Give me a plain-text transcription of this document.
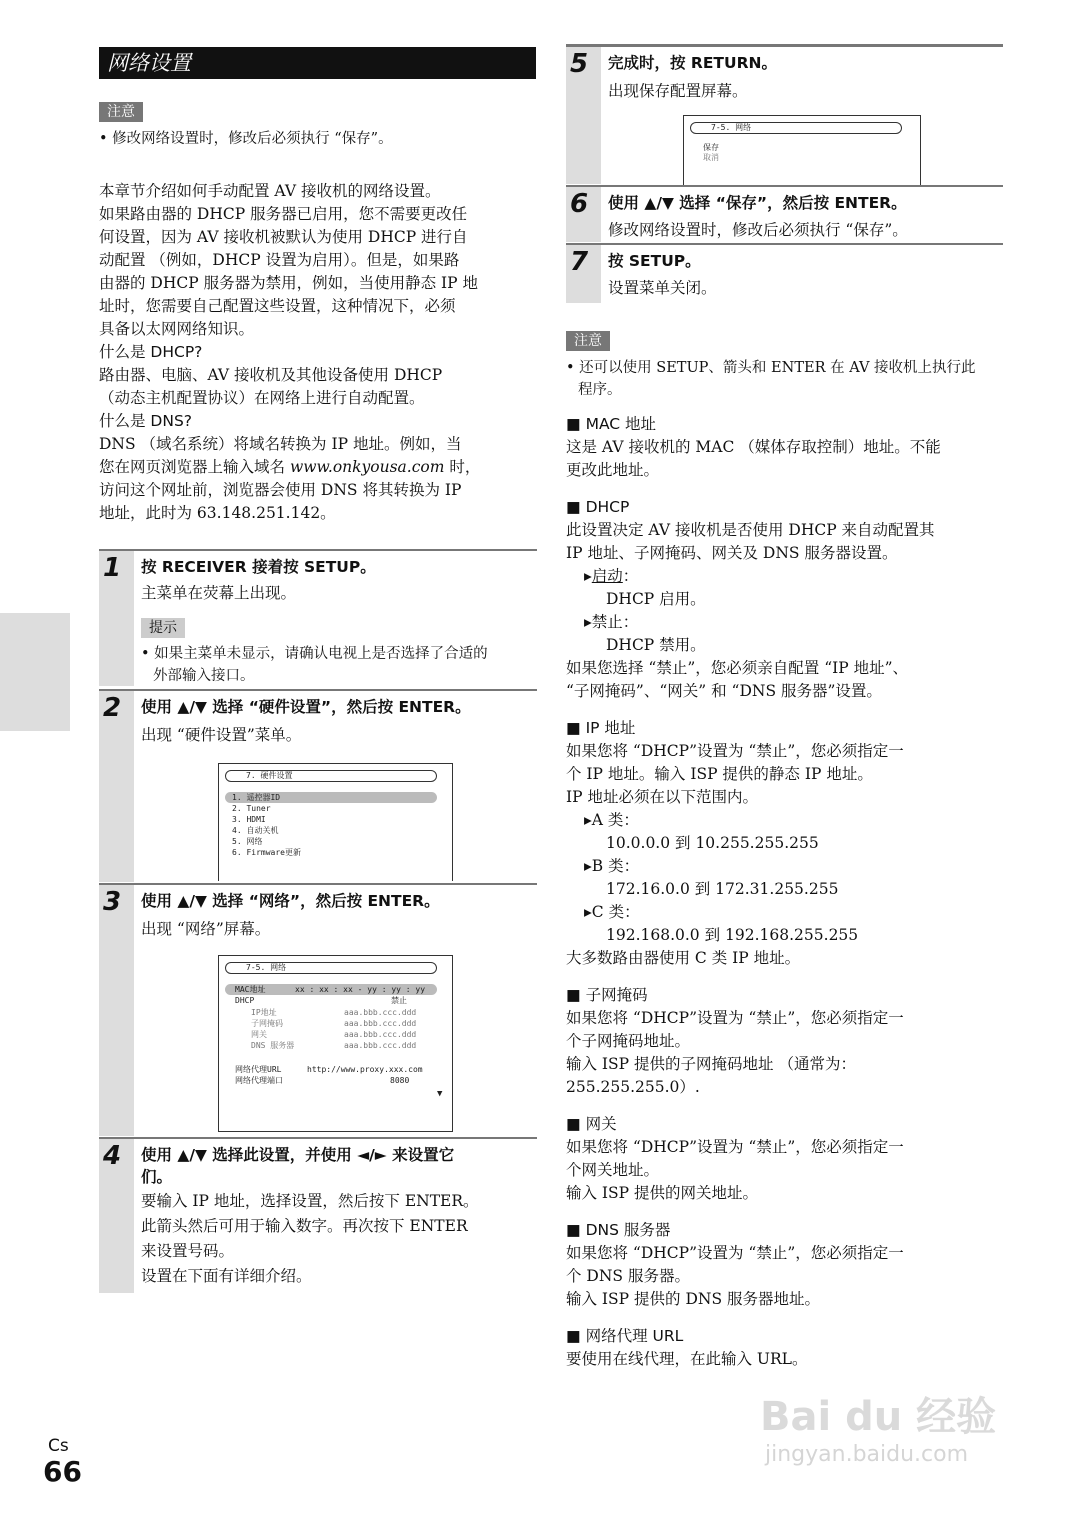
网络设置
注意
• 修改网络设置时，修改后必须执行 “保存”。
本章节介绍如何手动配置 AV 接收机的网络设置。
如果路由器的 DHCP 服务器已启用，您不需要更改任
何设置，因为 AV 接收机被默认为使用 DHCP 进行自
动配置 （例如，DHCP 设置为启用）。但是，如果路
由器的 DHCP 服务器为禁用，例如，当使用静态 IP 地
址时，您需要自己配置这些设置，这种情况下，必须
具备以太网网络知识。
什么是 DHCP?
路由器、电脑、AV 接收机及其他设备使用 DHCP
（动态主机配置协议）在网络上进行自动配置。
什么是 DNS?
DNS （域名系统）将域名转换为 IP 地址。例如，当
您在网页浏览器上输入域名 www.onkyousa.com 时，
访问这个网址前，浏览器会使用 DNS 将其转换为 IP
地址，此时为 63.148.251.142。
1 按 RECEIVER 接着按 SETUP。
主菜单在荧幕上出现。
提示
• 如果主菜单未显示，请确认电视上是否选择了合适的
外部输入接口。
2 使用 ▲/▼ 选择 “硬件设置”，然后按 ENTER。
出现 “硬件设置”菜单。
7. 硬件设置
1. 遥控器ID
2. Tuner
3. HDMI
4. 自动关机
5. 网络
6. Firmware更新
3 使用 ▲/▼ 选择 “网络”，然后按 ENTER。
出现 “网络”屏幕。
7-5. 网络
MAC地址	xx : xx : xx - yy : yy : yy
DHCP	禁止
IP地址	aaa.bbb.ccc.ddd
子网掩码	aaa.bbb.ccc.ddd
网关	aaa.bbb.ccc.ddd
DNS 服务器	aaa.bbb.ccc.ddd
网络代理URL	http://www.proxy.xxx.com
网络代理端口	8080
▼
4 使用 ▲/▼ 选择此设置，并使用 ◄/► 来设置它
们。
要输入 IP 地址，选择设置，然后按下 ENTER。
此箭头然后可用于输入数字。再次按下 ENTER
来设置号码。
设置在下面有详细介绍。
5 完成时，按 RETURN。
出现保存配置屏幕。
7-5. 网络
保存
取消
6 使用 ▲/▼ 选择 “保存”，然后按 ENTER。
修改网络设置时，修改后必须执行 “保存”。
7 按 SETUP。
设置菜单关闭。
注意
• 还可以使用 SETUP、箭头和 ENTER 在 AV 接收机上执行此
程序。
■ MAC 地址
这是 AV 接收机的 MAC （媒体存取控制）地址。不能
更改此地址。
■ DHCP
此设置决定 AV 接收机是否使用 DHCP 来自动配置其
IP 地址、子网掩码、网关及 DNS 服务器设置。
▸启动：
DHCP 启用。
▸禁止：
DHCP 禁用。
如果您选择 “禁止”，您必须亲自配置 “IP 地址”、
“子网掩码”、“网关” 和 “DNS 服务器”设置。
■ IP 地址
如果您将 “DHCP”设置为 “禁止”，您必须指定一
个 IP 地址。输入 ISP 提供的静态 IP 地址。
IP 地址必须在以下范围内。
▸A 类：
10.0.0.0 到 10.255.255.255
▸B 类：
172.16.0.0 到 172.31.255.255
▸C 类：
192.168.0.0 到 192.168.255.255
大多数路由器使用 C 类 IP 地址。
■ 子网掩码
如果您将 “DHCP”设置为 “禁止”，您必须指定一
个子网掩码地址。
输入 ISP 提供的子网掩码地址 （通常为：
255.255.255.0）.
■ 网关
如果您将 “DHCP”设置为 “禁止”，您必须指定一
个网关地址。
输入 ISP 提供的网关地址。
■ DNS 服务器
如果您将 “DHCP”设置为 “禁止”，您必须指定一
个 DNS 服务器。
输入 ISP 提供的 DNS 服务器地址。
■ 网络代理 URL
要使用在线代理，在此输入 URL。
Cs
66
Bai du 经验
jingyan.baidu.com
